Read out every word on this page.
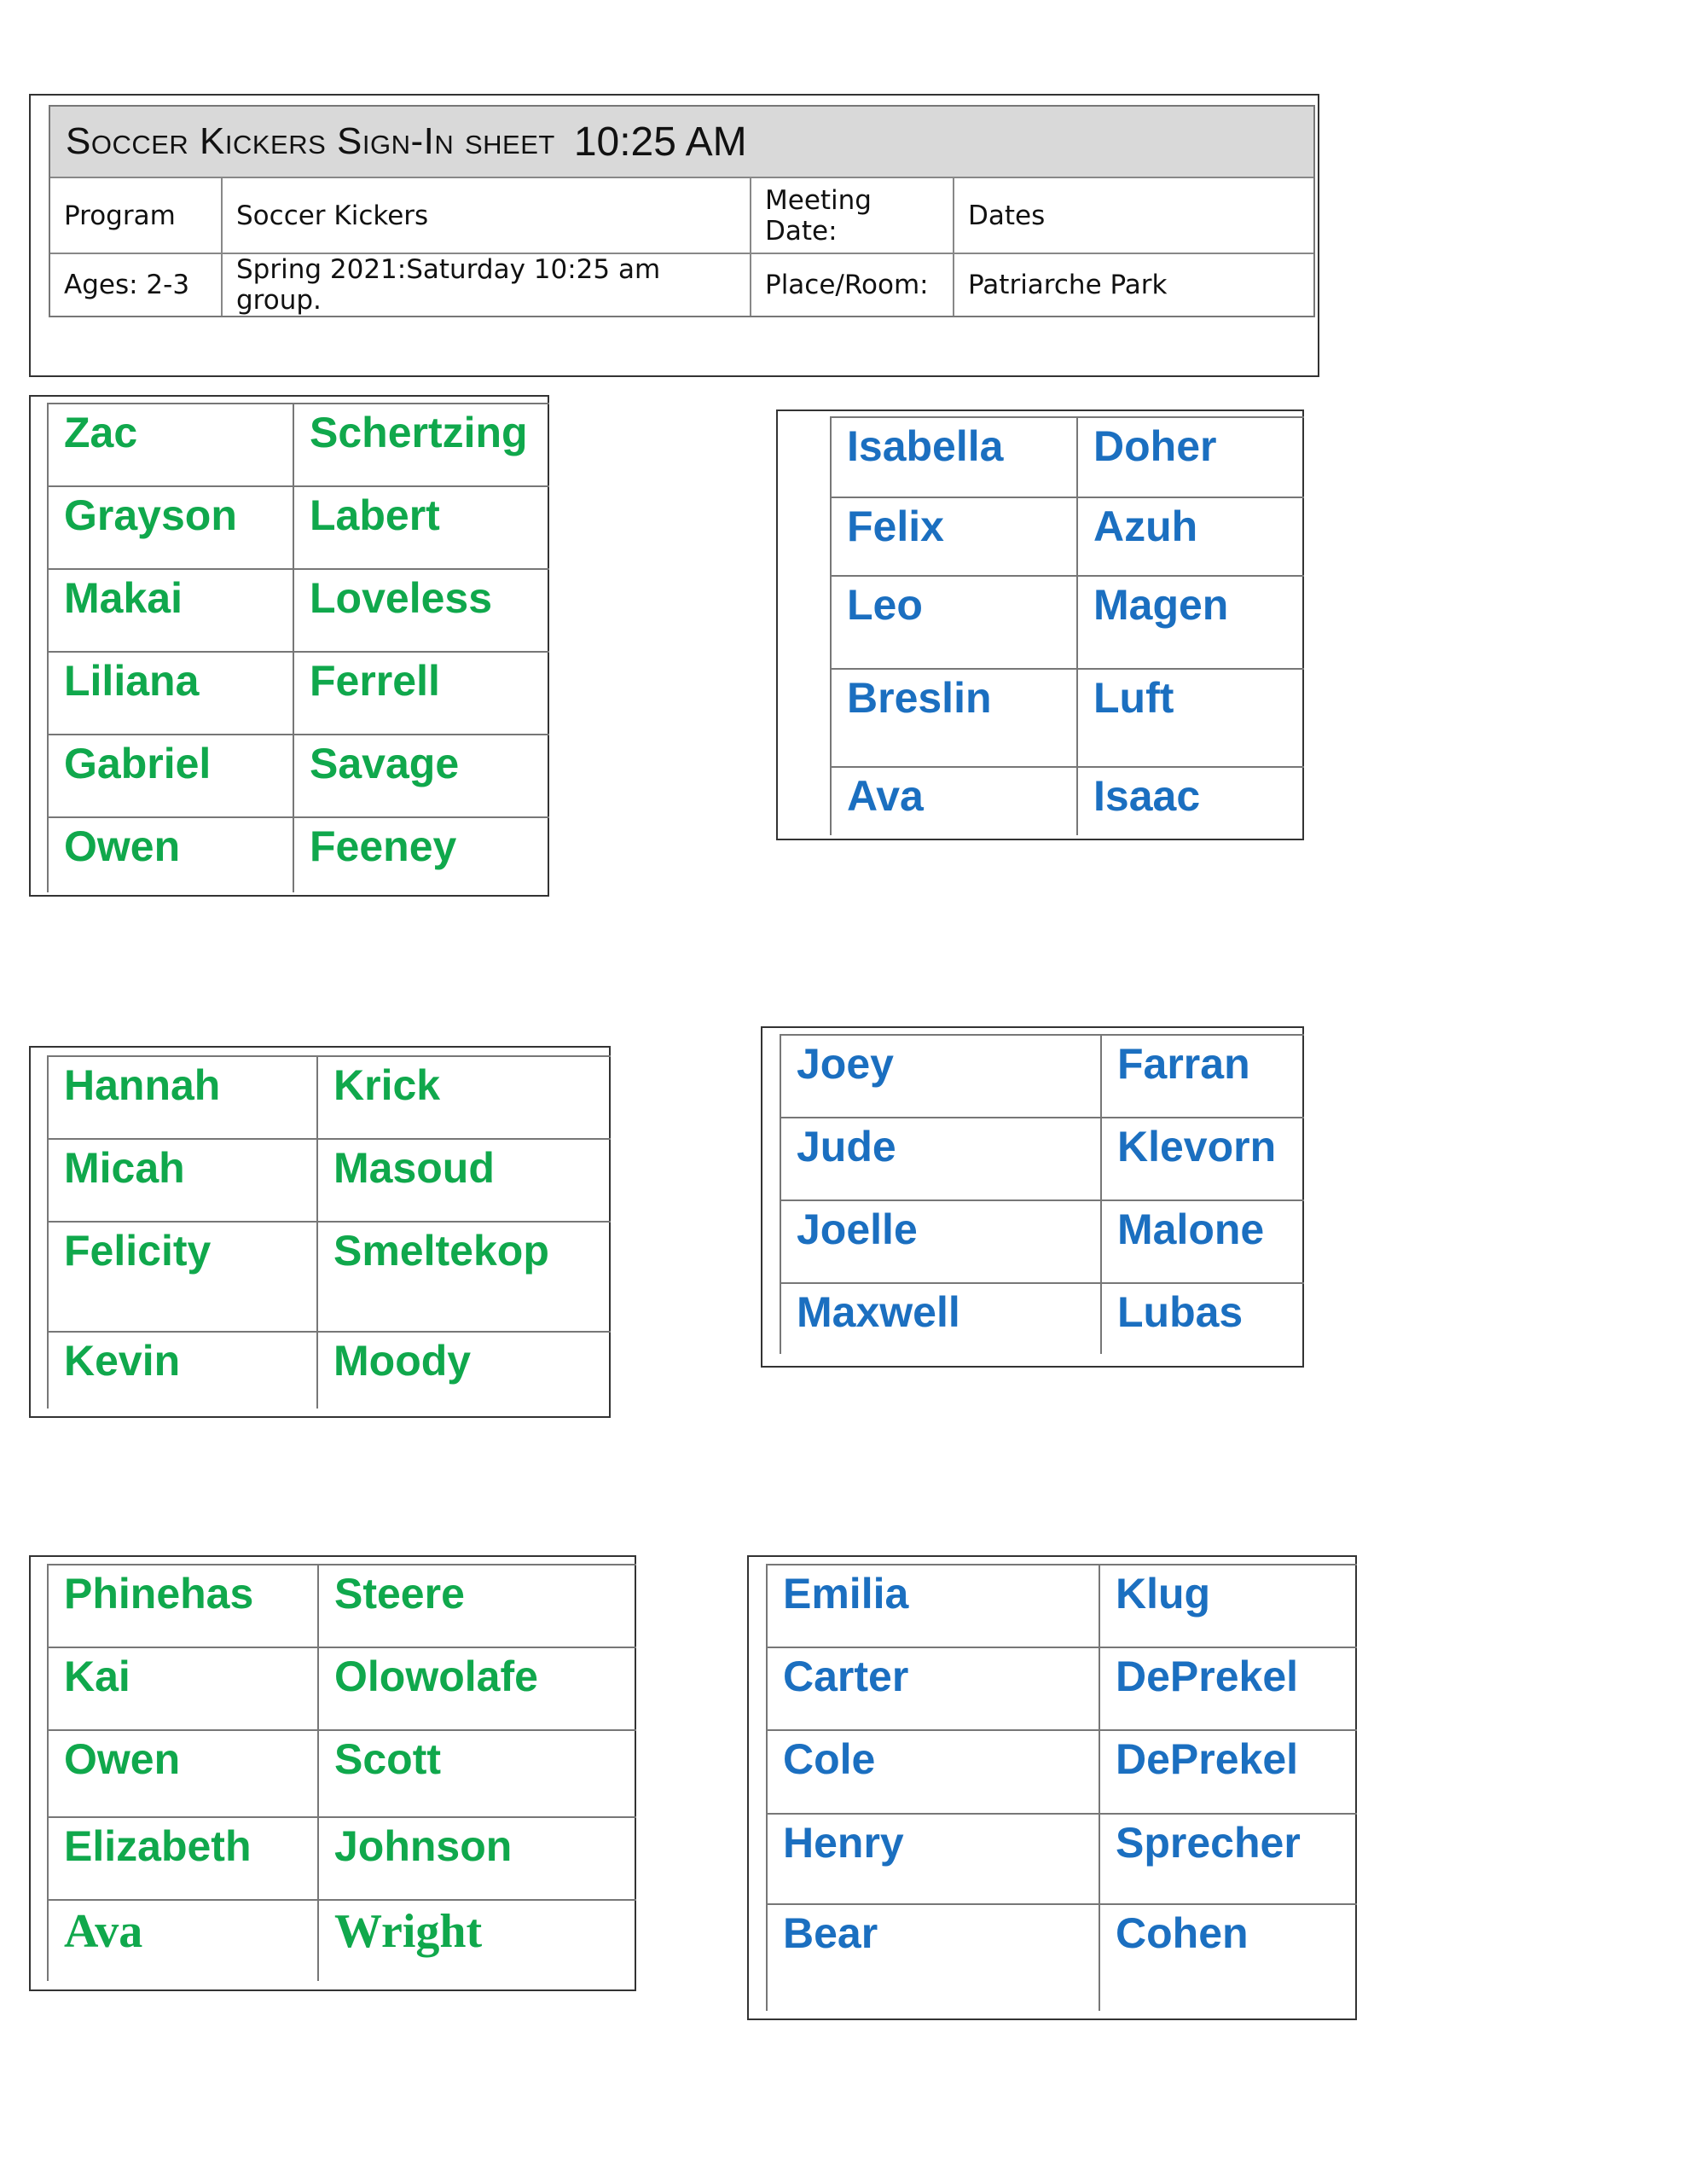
Soccer Kickers Sign-In sheet 10:25 AM
Program	Soccer Kickers	Meeting Date:	Dates
Ages: 2-3	Spring 2021:Saturday 10:25 am group.	Place/Room:	Patriarche Park
Zac	Schertzing
Grayson	Labert
Makai	Loveless
Liliana	Ferrell
Gabriel	Savage
Owen	Feeney
Isabella	Doher
Felix	Azuh
Leo	Magen
Breslin	Luft
Ava	Isaac
Hannah	Krick
Micah	Masoud
Felicity	Smeltekop
Kevin	Moody
Joey	Farran
Jude	Klevorn
Joelle	Malone
Maxwell	Lubas
Phinehas	Steere
Kai	Olowolafe
Owen	Scott
Elizabeth	Johnson
Ava	Wright
Emilia	Klug
Carter	DePrekel
Cole	DePrekel
Henry	Sprecher
Bear	Cohen
